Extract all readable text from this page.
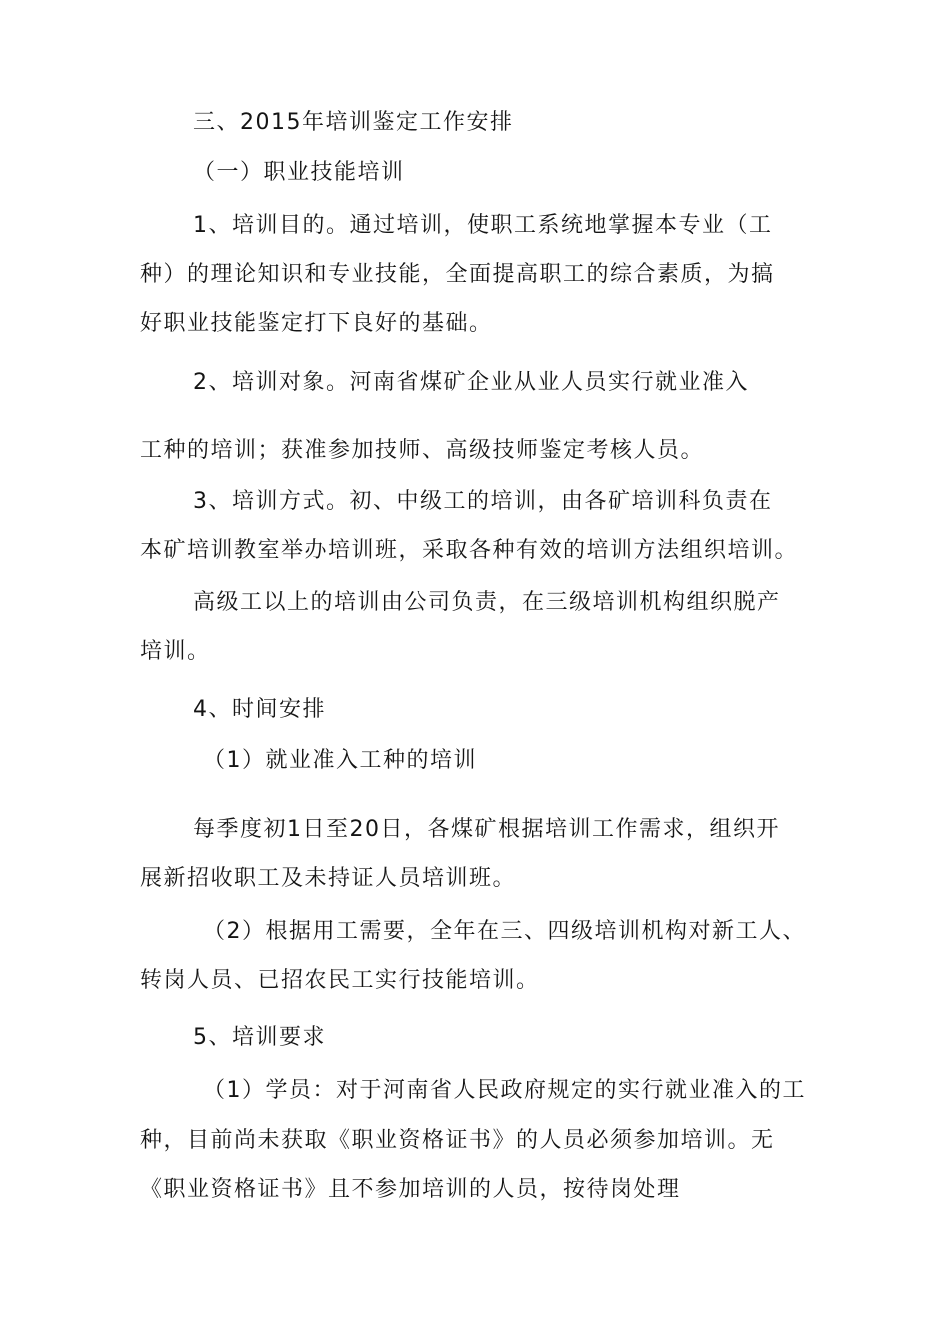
三、2015年培训鉴定工作安排
（一）职业技能培训
1、培训目的。通过培训，使职工系统地掌握本专业（工
种）的理论知识和专业技能，全面提高职工的综合素质，为搞
好职业技能鉴定打下良好的基础。
2、培训对象。河南省煤矿企业从业人员实行就业准入
工种的培训；获准参加技师、高级技师鉴定考核人员。
3、培训方式。初、中级工的培训，由各矿培训科负责在
本矿培训教室举办培训班，采取各种有效的培训方法组织培训。
高级工以上的培训由公司负责，在三级培训机构组织脱产
培训。
4、时间安排
（1）就业准入工种的培训
每季度初1日至20日，各煤矿根据培训工作需求，组织开
展新招收职工及未持证人员培训班。
（2）根据用工需要，全年在三、四级培训机构对新工人、
转岗人员、已招农民工实行技能培训。
5、培训要求
（1）学员：对于河南省人民政府规定的实行就业准入的工
种，目前尚未获取《职业资格证书》的人员必须参加培训。无
《职业资格证书》且不参加培训的人员，按待岗处理
